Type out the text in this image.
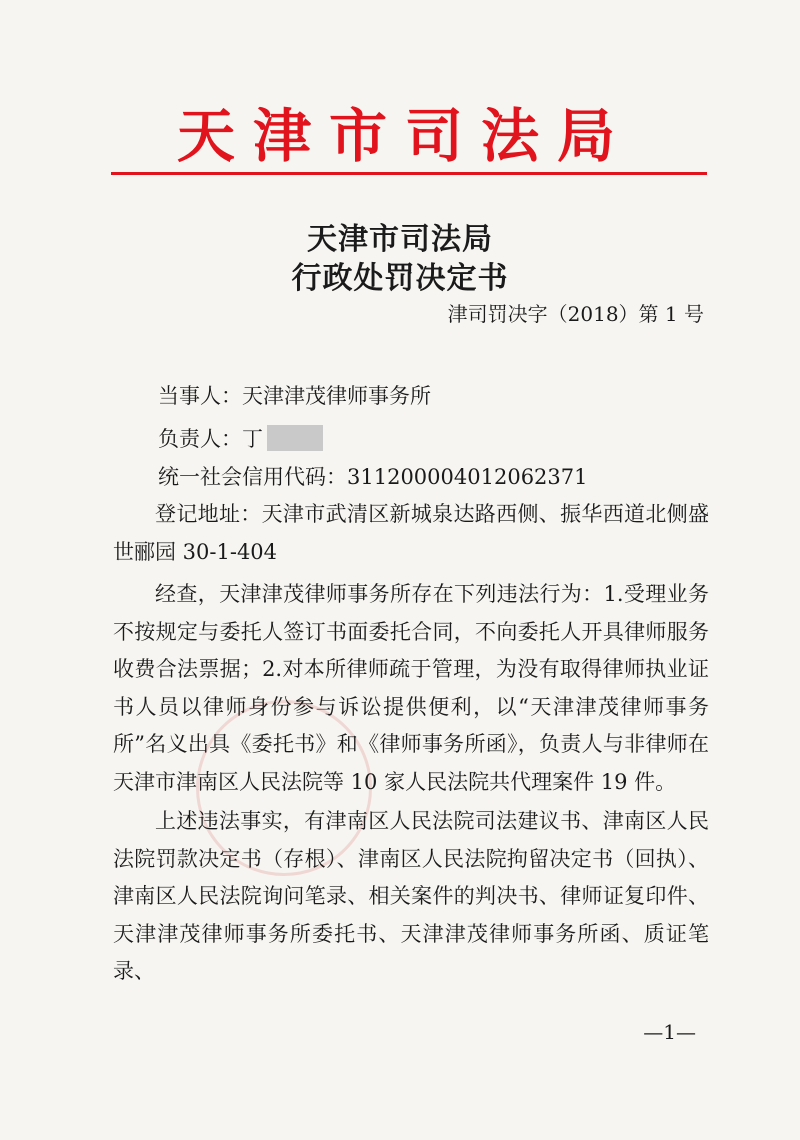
天津市司法局
天津市司法局
行政处罚决定书
津司罚决字（2018）第 1 号
当事人：天津津茂律师事务所
负责人：丁
统一社会信用代码：311200004012062371

登记地址：天津市武清区新城泉达路西侧、振华西道北侧盛世郦园 30-1-404

经查，天津津茂律师事务所存在下列违法行为：1.受理业务不按规定与委托人签订书面委托合同，不向委托人开具律师服务收费合法票据；2.对本所律师疏于管理，为没有取得律师执业证书人员以律师身份参与诉讼提供便利，以“天津津茂律师事务所”名义出具《委托书》和《律师事务所函》，负责人与非律师在天津市津南区人民法院等 10 家人民法院共代理案件 19 件。

上述违法事实，有津南区人民法院司法建议书、津南区人民法院罚款决定书（存根）、津南区人民法院拘留决定书（回执）、津南区人民法院询问笔录、相关案件的判决书、律师证复印件、天津津茂律师事务所委托书、天津津茂律师事务所函、质证笔录、

—1—
